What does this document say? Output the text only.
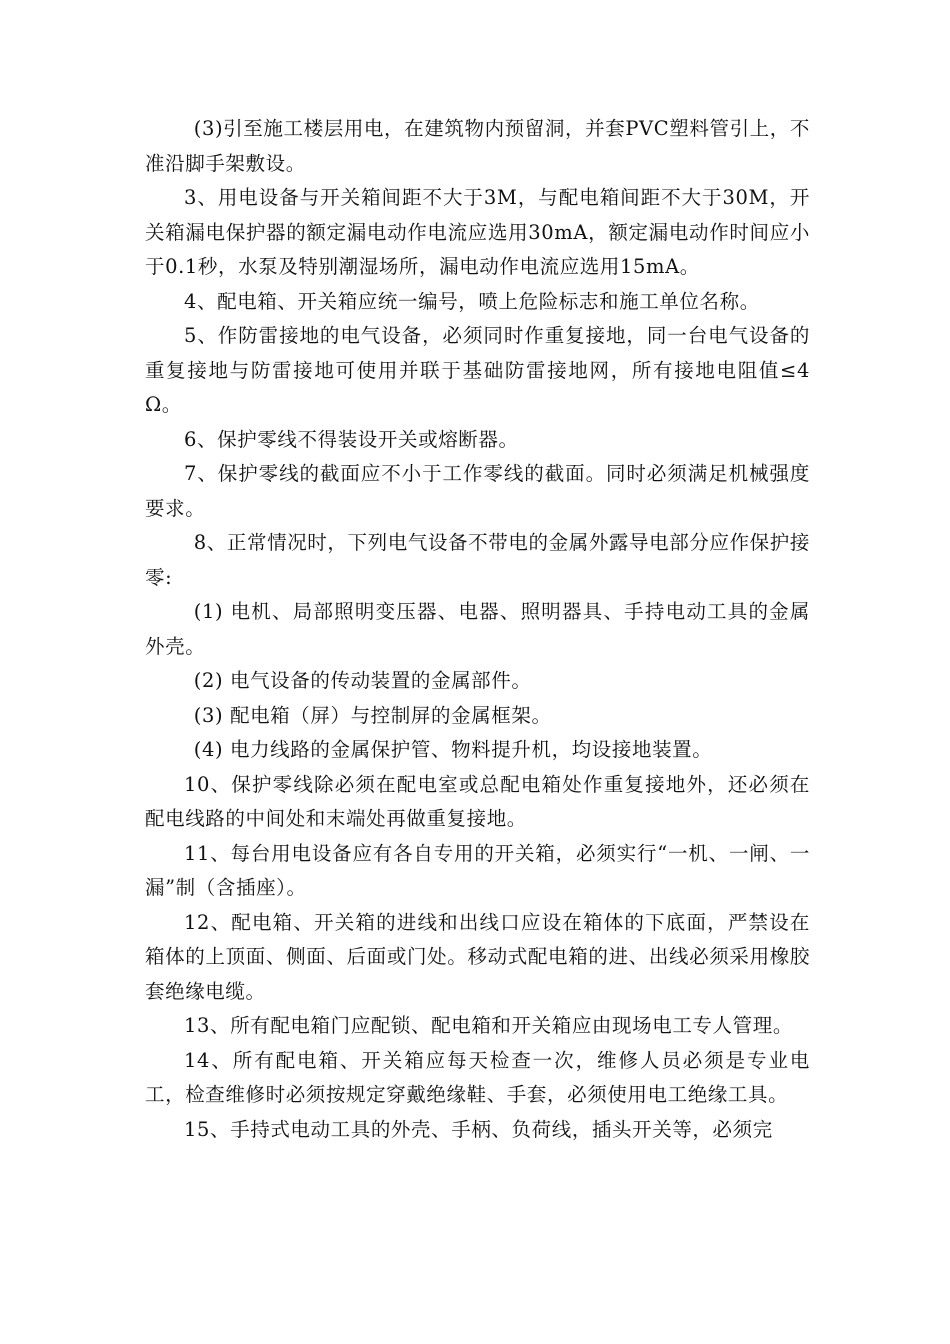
(3)引至施工楼层用电，在建筑物内预留洞，并套PVC塑料管引上，不准沿脚手架敷设。

3、用电设备与开关箱间距不大于3M，与配电箱间距不大于30M，开关箱漏电保护器的额定漏电动作电流应选用30mA，额定漏电动作时间应小于0.1秒，水泵及特别潮湿场所，漏电动作电流应选用15mA。

4、配电箱、开关箱应统一编号，喷上危险标志和施工单位名称。

5、作防雷接地的电气设备，必须同时作重复接地，同一台电气设备的重复接地与防雷接地可使用并联于基础防雷接地网，所有接地电阻值≤4Ω。

6、保护零线不得装设开关或熔断器。

7、保护零线的截面应不小于工作零线的截面。同时必须满足机械强度要求。

8、正常情况时，下列电气设备不带电的金属外露导电部分应作保护接零:

(1) 电机、局部照明变压器、电器、照明器具、手持电动工具的金属外壳。

(2) 电气设备的传动装置的金属部件。

(3) 配电箱（屏）与控制屏的金属框架。

(4) 电力线路的金属保护管、物料提升机，均设接地装置。

10、保护零线除必须在配电室或总配电箱处作重复接地外，还必须在配电线路的中间处和末端处再做重复接地。

11、每台用电设备应有各自专用的开关箱，必须实行“一机、一闸、一漏”制（含插座）。

12、配电箱、开关箱的进线和出线口应设在箱体的下底面，严禁设在箱体的上顶面、侧面、后面或门处。移动式配电箱的进、出线必须采用橡胶套绝缘电缆。

13、所有配电箱门应配锁、配电箱和开关箱应由现场电工专人管理。

14、所有配电箱、开关箱应每天检查一次，维修人员必须是专业电工，检查维修时必须按规定穿戴绝缘鞋、手套，必须使用电工绝缘工具。

15、手持式电动工具的外壳、手柄、负荷线，插头开关等，必须完
